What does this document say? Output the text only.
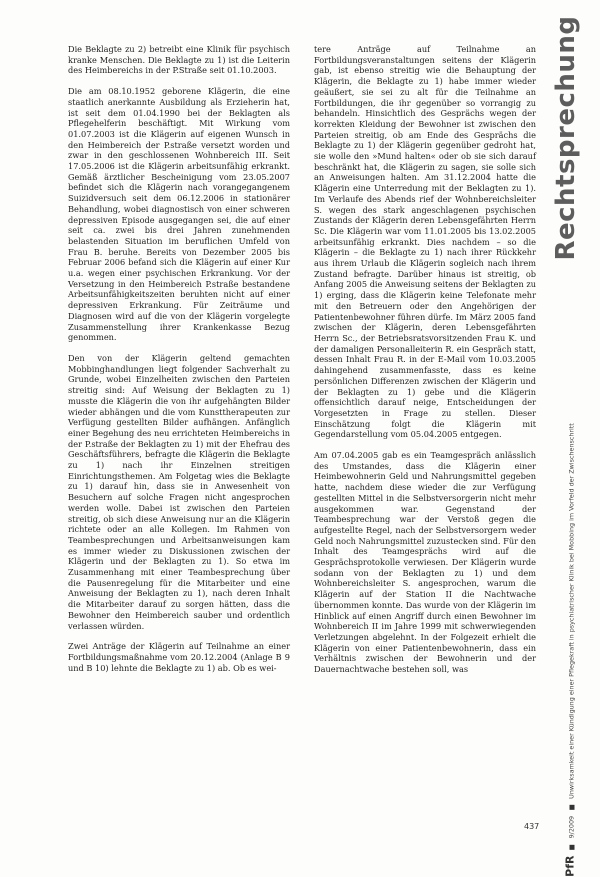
Die Beklagte zu 2) betreibt eine Klinik für psychisch kranke Menschen. Die Beklagte zu 1) ist die Leiterin des Heimbereichs in der P.Straße seit 01.10.2003.

Die am 08.10.1952 geborene Klägerin, die eine staatlich anerkannte Ausbildung als Erzieherin hat, ist seit dem 01.04.1990 bei der Beklagten als Pflegehelferin beschäftigt. Mit Wirkung vom 01.07.2003 ist die Klägerin auf eigenen Wunsch in den Heimbereich der P.straße versetzt worden und zwar in den geschlossenen Wohnbereich III. Seit 17.05.2006 ist die Klägerin arbeitsunfähig erkrankt. Gemäß ärztlicher Bescheinigung vom 23.05.2007 befindet sich die Klägerin nach vorangegangenem Suizidversuch seit dem 06.12.2006 in stationärer Behandlung, wobei diagnostisch von einer schweren depressiven Episode ausgegangen sei, die auf einer seit ca. zwei bis drei Jahren zunehmenden belastenden Situation im beruflichen Umfeld von Frau B. beruhe. Bereits von Dezember 2005 bis Februar 2006 befand sich die Klägerin auf einer Kur u.a. wegen einer psychischen Erkrankung. Vor der Versetzung in den Heimbereich P.straße bestandene Arbeitsunfähigkeitszeiten beruhten nicht auf einer depressiven Erkrankung. Für Zeiträume und Diagnosen wird auf die von der Klägerin vorgelegte Zusammenstellung ihrer Krankenkasse Bezug genommen.

Den von der Klägerin geltend gemachten Mobbinghandlungen liegt folgender Sachverhalt zu Grunde, wobei Einzelheiten zwischen den Parteien streitig sind: Auf Weisung der Beklagten zu 1) musste die Klägerin die von ihr aufgehängten Bilder wieder abhängen und die vom Kunsttherapeuten zur Verfügung gestellten Bilder aufhängen. Anfänglich einer Begehung des neu errichteten Heimbereichs in der P.straße der Beklagten zu 1) mit der Ehefrau des Geschäftsführers, befragte die Klägerin die Beklagte zu 1) nach ihr Einzelnen streitigen Einrichtungsthemen. Am Folgetag wies die Beklagte zu 1) darauf hin, dass sie in Anwesenheit von Besuchern auf solche Fragen nicht angesprochen werden wolle. Dabei ist zwischen den Parteien streitig, ob sich diese Anweisung nur an die Klägerin richtete oder an alle Kollegen. Im Rahmen von Teambesprechungen und Arbeitsanweisungen kam es immer wieder zu Diskussionen zwischen der Klägerin und der Beklagten zu 1). So etwa im Zusammenhang mit einer Teambesprechung über die Pausenregelung für die Mitarbeiter und eine Anweisung der Beklagten zu 1), nach deren Inhalt die Mitarbeiter darauf zu sorgen hätten, dass die Bewohner den Heimbereich sauber und ordentlich verlassen würden.

Zwei Anträge der Klägerin auf Teilnahme an einer Fortbildungsmaßnahme vom 20.12.2004 (Anlage B 9 und B 10) lehnte die Beklagte zu 1) ab. Ob es wei-

tere Anträge auf Teilnahme an Fortbildungsveranstaltungen seitens der Klägerin gab, ist ebenso streitig wie die Behauptung der Klägerin, die Beklagte zu 1) habe immer wieder geäußert, sie sei zu alt für die Teilnahme an Fortbildungen, die ihr gegenüber so vorrangig zu behandeln. Hinsichtlich des Gesprächs wegen der korrekten Kleidung der Bewohner ist zwischen den Parteien streitig, ob am Ende des Gesprächs die Beklagte zu 1) der Klägerin gegenüber gedroht hat, sie wolle den »Mund halten« oder ob sie sich darauf beschränkt hat, die Klägerin zu sagen, sie solle sich an Anweisungen halten. Am 31.12.2004 hatte die Klägerin eine Unterredung mit der Beklagten zu 1). Im Verlaufe des Abends rief der Wohnbereichsleiter S. wegen des stark angeschlagenen psychischen Zustands der Klägerin deren Lebensgefährten Herrn Sc. Die Klägerin war vom 11.01.2005 bis 13.02.2005 arbeitsunfähig erkrankt. Dies nachdem – so die Klägerin – die Beklagte zu 1) nach ihrer Rückkehr aus ihrem Urlaub die Klägerin sogleich nach ihrem Zustand befragte. Darüber hinaus ist streitig, ob Anfang 2005 die Anweisung seitens der Beklagten zu 1) erging, dass die Klägerin keine Telefonate mehr mit den Betreuern oder den Angehörigen der Patientenbewohner führen dürfe. Im März 2005 fand zwischen der Klägerin, deren Lebensgefährten Herrn Sc., der Betriebsratsvorsitzenden Frau K. und der damaligen Personalleiterin R. ein Gespräch statt, dessen Inhalt Frau R. in der E-Mail vom 10.03.2005 dahingehend zusammenfasste, dass es keine persönlichen Differenzen zwischen der Klägerin und der Beklagten zu 1) gebe und die Klägerin offensichtlich darauf neige, Entscheidungen der Vorgesetzten in Frage zu stellen. Dieser Einschätzung folgt die Klägerin mit Gegendarstellung vom 05.04.2005 entgegen.

Am 07.04.2005 gab es ein Teamgespräch anlässlich des Umstandes, dass die Klägerin einer Heimbewohnerin Geld und Nahrungsmittel gegeben hatte, nachdem diese wieder die zur Verfügung gestellten Mittel in die Selbstversorgerin nicht mehr ausgekommen war. Gegenstand der Teambesprechung war der Verstoß gegen die aufgestellte Regel, nach der Selbstversorgern weder Geld noch Nahrungsmittel zuzustecken sind. Für den Inhalt des Teamgesprächs wird auf die Gesprächsprotokolle verwiesen. Der Klägerin wurde sodann von der Beklagten zu 1) und dem Wohnbereichsleiter S. angesprochen, warum die Klägerin auf der Station II die Nachtwache übernommen konnte. Das wurde von der Klägerin im Hinblick auf einen Angriff durch einen Bewohner im Wohnbereich II im Jahre 1999 mit schwerwiegenden Verletzungen abgelehnt. In der Folgezeit erhielt die Klägerin von einer Patientenbewohnerin, dass ein Verhältnis zwischen der Bewohnerin und der Dauernachtwache bestehen soll, was

Rechtsprechung
PfR  9/2009  Unwirksamkeit einer Kündigung einer Pflegekraft in psychiatrischer Klinik bei Mobbing im Vorfeld der Zwischenschritt
437
